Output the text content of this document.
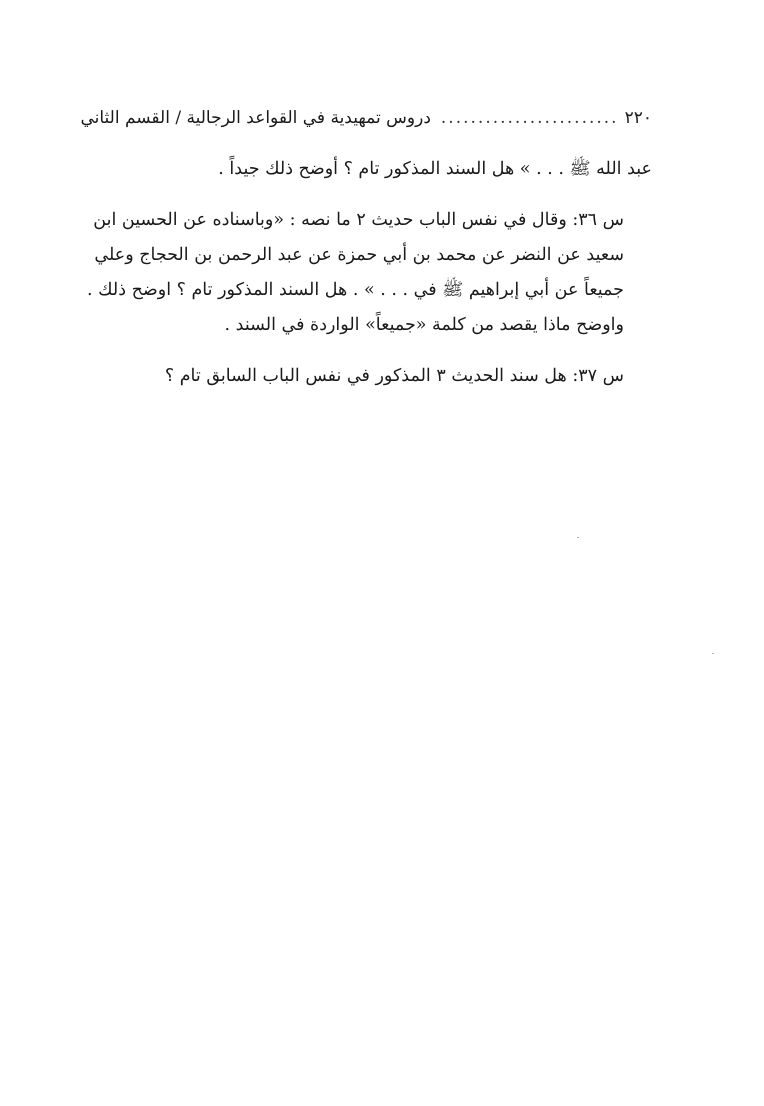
٢٢٠
........................
دروس تمهيدية في القواعد الرجالية / القسم الثاني

عبد الله ﷺ . . . » هل السند المذكور تام ؟ أوضح ذلك جيداً .

س ٣٦: وقال في نفس الباب حديث ٢ ما نصه : «وباسناده عن الحسين ابن
سعيد عن النضر عن محمد بن أبي حمزة عن عبد الرحمن بن الحجاج وعلي
جميعاً عن أبي إبراهيم ﷺ في . . . » . هل السند المذكور تام ؟ اوضح ذلك .
واوضح ماذا يقصد من كلمة «جميعاً» الواردة في السند .

س ٣٧: هل سند الحديث ٣ المذكور في نفس الباب السابق تام ؟
